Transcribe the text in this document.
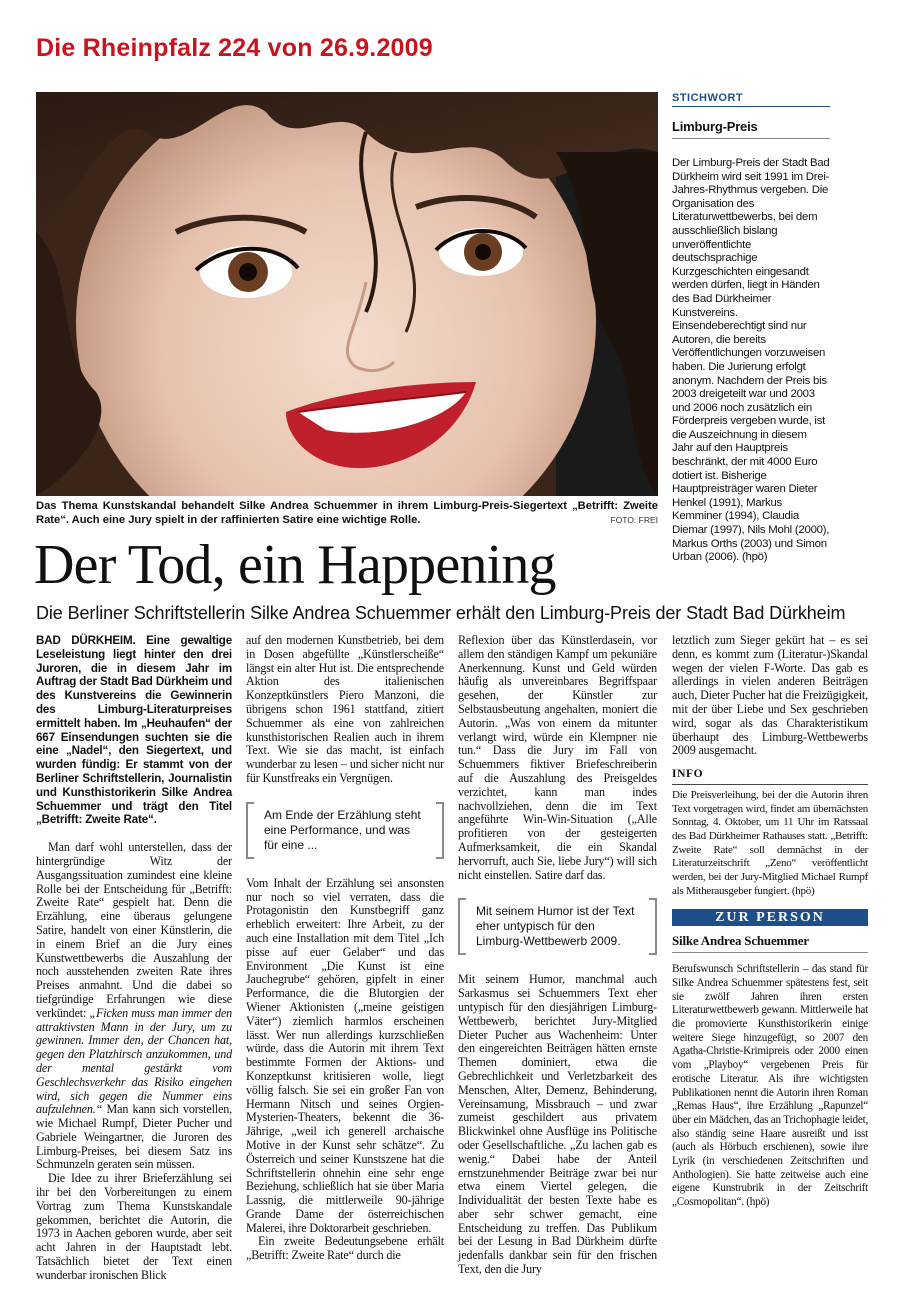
Die Rheinpfalz 224 von 26.9.2009
Das Thema Kunstskandal behandelt Silke Andrea Schuemmer in ihrem Limburg-Preis-Siegertext „Betrifft: Zweite Rate“. Auch eine Jury spielt in der raffinierten Satire eine wichtige Rolle.	FOTO: FREI
Der Tod, ein Happening
Die Berliner Schriftstellerin Silke Andrea Schuemmer erhält den Limburg-Preis der Stadt Bad Dürkheim

BAD DÜRKHEIM. Eine gewaltige Leseleistung liegt hinter den drei Juroren, die in diesem Jahr im Auftrag der Stadt Bad Dürkheim und des Kunstvereins die Gewinnerin des Limburg-Literaturpreises ermittelt haben. Im „Heuhaufen“ der 667 Einsendungen suchten sie die eine „Nadel“, den Siegertext, und wurden fündig: Er stammt von der Berliner Schriftstellerin, Journalistin und Kunsthistorikerin Silke Andrea Schuemmer und trägt den Titel „Betrifft: Zweite Rate“.

Man darf wohl unterstellen, dass der hintergründige Witz der Ausgangssituation zumindest eine kleine Rolle bei der Entscheidung für „Betrifft: Zweite Rate“ gespielt hat. Denn die Erzählung, eine überaus gelungene Satire, handelt von einer Künstlerin, die in einem Brief an die Jury eines Kunstwettbewerbs die Auszahlung der noch ausstehenden zweiten Rate ihres Preises anmahnt. Und die dabei so tiefgründige Erfahrungen wie diese verkündet: „Ficken muss man immer den attraktivsten Mann in der Jury, um zu gewinnen. Immer den, der Chancen hat, gegen den Platzhirsch anzukommen, und der mental gestärkt vom Geschlechsverkehr das Risiko eingehen wird, sich gegen die Nummer eins aufzulehnen.“ Man kann sich vorstellen, wie Michael Rumpf, Dieter Pucher und Gabriele Weingartner, die Juroren des Limburg-Preises, bei diesem Satz ins Schmunzeln geraten sein müssen.

Die Idee zu ihrer Brieferzählung sei ihr bei den Vorbereitungen zu einem Vortrag zum Thema Kunstskandale gekommen, berichtet die Autorin, die 1973 in Aachen geboren wurde, aber seit acht Jahren in der Hauptstadt lebt. Tatsächlich bietet der Text einen wunderbar ironischen Blick

auf den modernen Kunstbetrieb, bei dem in Dosen abgefüllte „Künstlerscheiße“ längst ein alter Hut ist. Die entsprechende Aktion des italienischen Konzeptkünstlers Piero Manzoni, die übrigens schon 1961 stattfand, zitiert Schuemmer als eine von zahlreichen kunsthistorischen Realien auch in ihrem Text. Wie sie das macht, ist einfach wunderbar zu lesen – und sicher nicht nur für Kunstfreaks ein Vergnügen.

Am Ende der Erzählung steht eine Performance, und was für eine ...

Vom Inhalt der Erzählung sei ansonsten nur noch so viel verraten, dass die Protagonistin den Kunstbegriff ganz erheblich erweitert: Ihre Arbeit, zu der auch eine Installation mit dem Titel „Ich pisse auf euer Gelaber“ und das Environment „Die Kunst ist eine Jauchegrube“ gehören, gipfelt in einer Performance, die die Blutorgien der Wiener Aktionisten („meine geistigen Väter“) ziemlich harmlos erscheinen lässt. Wer nun allerdings kurzschließen würde, dass die Autorin mit ihrem Text bestimmte Formen der Aktions- und Konzeptkunst kritisieren wolle, liegt völlig falsch. Sie sei ein großer Fan von Hermann Nitsch und seines Orgien-Mysterien-Theaters, bekennt die 36-Jährige, „weil ich generell archaische Motive in der Kunst sehr schätze“. Zu Österreich und seiner Kunstszene hat die Schriftstellerin ohnehin eine sehr enge Beziehung, schließlich hat sie über Maria Lassnig, die mittlerweile 90-jährige Grande Dame der österreichischen Malerei, ihre Doktorarbeit geschrieben.

Ein zweite Bedeutungsebene erhält „Betrifft: Zweite Rate“ durch die

Reflexion über das Künstlerdasein, vor allem den ständigen Kampf um pekuniäre Anerkennung. Kunst und Geld würden häufig als unvereinbares Begriffspaar gesehen, der Künstler zur Selbstausbeutung angehalten, moniert die Autorin. „Was von einem da mitunter verlangt wird, würde ein Klempner nie tun.“ Dass die Jury im Fall von Schuemmers fiktiver Briefeschreiberin auf die Auszahlung des Preisgeldes verzichtet, kann man indes nachvollziehen, denn die im Text angeführte Win-Win-Situation („Alle profitieren von der gesteigerten Aufmerksamkeit, die ein Skandal hervorruft, auch Sie, liebe Jury“) will sich nicht einstellen. Satire darf das.

Mit seinem Humor ist der Text eher untypisch für den Limburg-Wettbewerb 2009.

Mit seinem Humor, manchmal auch Sarkasmus sei Schuemmers Text eher untypisch für den diesjährigen Limburg-Wettbewerb, berichtet Jury-Mitglied Dieter Pucher aus Wachenheim: Unter den eingereichten Beiträgen hätten ernste Themen dominiert, etwa die Gebrechlichkeit und Verletzbarkeit des Menschen, Alter, Demenz, Behinderung, Vereinsamung, Missbrauch – und zwar zumeist geschildert aus privatem Blickwinkel ohne Ausflüge ins Politische oder Gesellschaftliche. „Zu lachen gab es wenig.“ Dabei habe der Anteil ernstzunehmender Beiträge zwar bei nur etwa einem Viertel gelegen, die Individualität der besten Texte habe es aber sehr schwer gemacht, eine Entscheidung zu treffen. Das Publikum bei der Lesung in Bad Dürkheim dürfte jedenfalls dankbar sein für den frischen Text, den die Jury

letztlich zum Sieger gekürt hat – es sei denn, es kommt zum (Literatur-)Skandal wegen der vielen F-Worte. Das gab es allerdings in vielen anderen Beiträgen auch, Dieter Pucher hat die Freizügigkeit, mit der über Liebe und Sex geschrieben wird, sogar als das Charakteristikum überhaupt des Limburg-Wettbewerbs 2009 ausgemacht.

INFO
Die Preisverleihung, bei der die Autorin ihren Text vorgetragen wird, findet am übernächsten Sonntag, 4. Oktober, um 11 Uhr im Ratssaal des Bad Dürkheimer Rathauses statt. „Betrifft: Zweite Rate“ soll demnächst in der Literaturzeitschrift „Zeno“ veröffentlicht werden, bei der Jury-Mitglied Michael Rumpf als Mitherausgeber fungiert. (hpö)
ZUR PERSON
Silke Andrea Schuemmer
Berufswunsch Schriftstellerin – das stand für Silke Andrea Schuemmer spätestens fest, seit sie zwölf Jahren ihren ersten Literaturwettbewerb gewann. Mittlerweile hat die promovierte Kunsthistorikerin einige weitere Siege hinzugefügt, so 2007 den Agatha-Christie-Krimipreis oder 2000 einen vom „Playboy“ vergebenen Preis für erotische Literatur. Als ihre wichtigsten Publikationen nennt die Autorin ihren Roman „Remas Haus“, ihre Erzählung „Rapunzel“ über ein Mädchen, das an Trichophagie leidet, also ständig seine Haare ausreißt und isst (auch als Hörbuch erschienen), sowie ihre Lyrik (in verschiedenen Zeitschriften und Anthologien). Sie hatte zeitweise auch eine eigene Kunstrubrik in der Zeitschrift „Cosmopolitan“. (hpö)
STICHWORT
Limburg-Preis
Der Limburg-Preis der Stadt Bad Dürkheim wird seit 1991 im Drei-Jahres-Rhythmus vergeben. Die Organisation des Literaturwettbewerbs, bei dem ausschließlich bislang unveröffentlichte deutschsprachige Kurzgeschichten eingesandt werden dürfen, liegt in Händen des Bad Dürkheimer Kunstvereins. Einsendeberechtigt sind nur Autoren, die bereits Veröffentlichungen vorzuweisen haben. Die Jurierung erfolgt anonym. Nachdem der Preis bis 2003 dreigeteilt war und 2003 und 2006 noch zusätzlich ein Förderpreis vergeben wurde, ist die Auszeichnung in diesem Jahr auf den Hauptpreis beschränkt, der mit 4000 Euro dotiert ist. Bisherige Hauptpreisträger waren Dieter Henkel (1991), Markus Kemminer (1994), Claudia Diemar (1997), Nils Mohl (2000), Markus Orths (2003) und Simon Urban (2006). (hpö)
